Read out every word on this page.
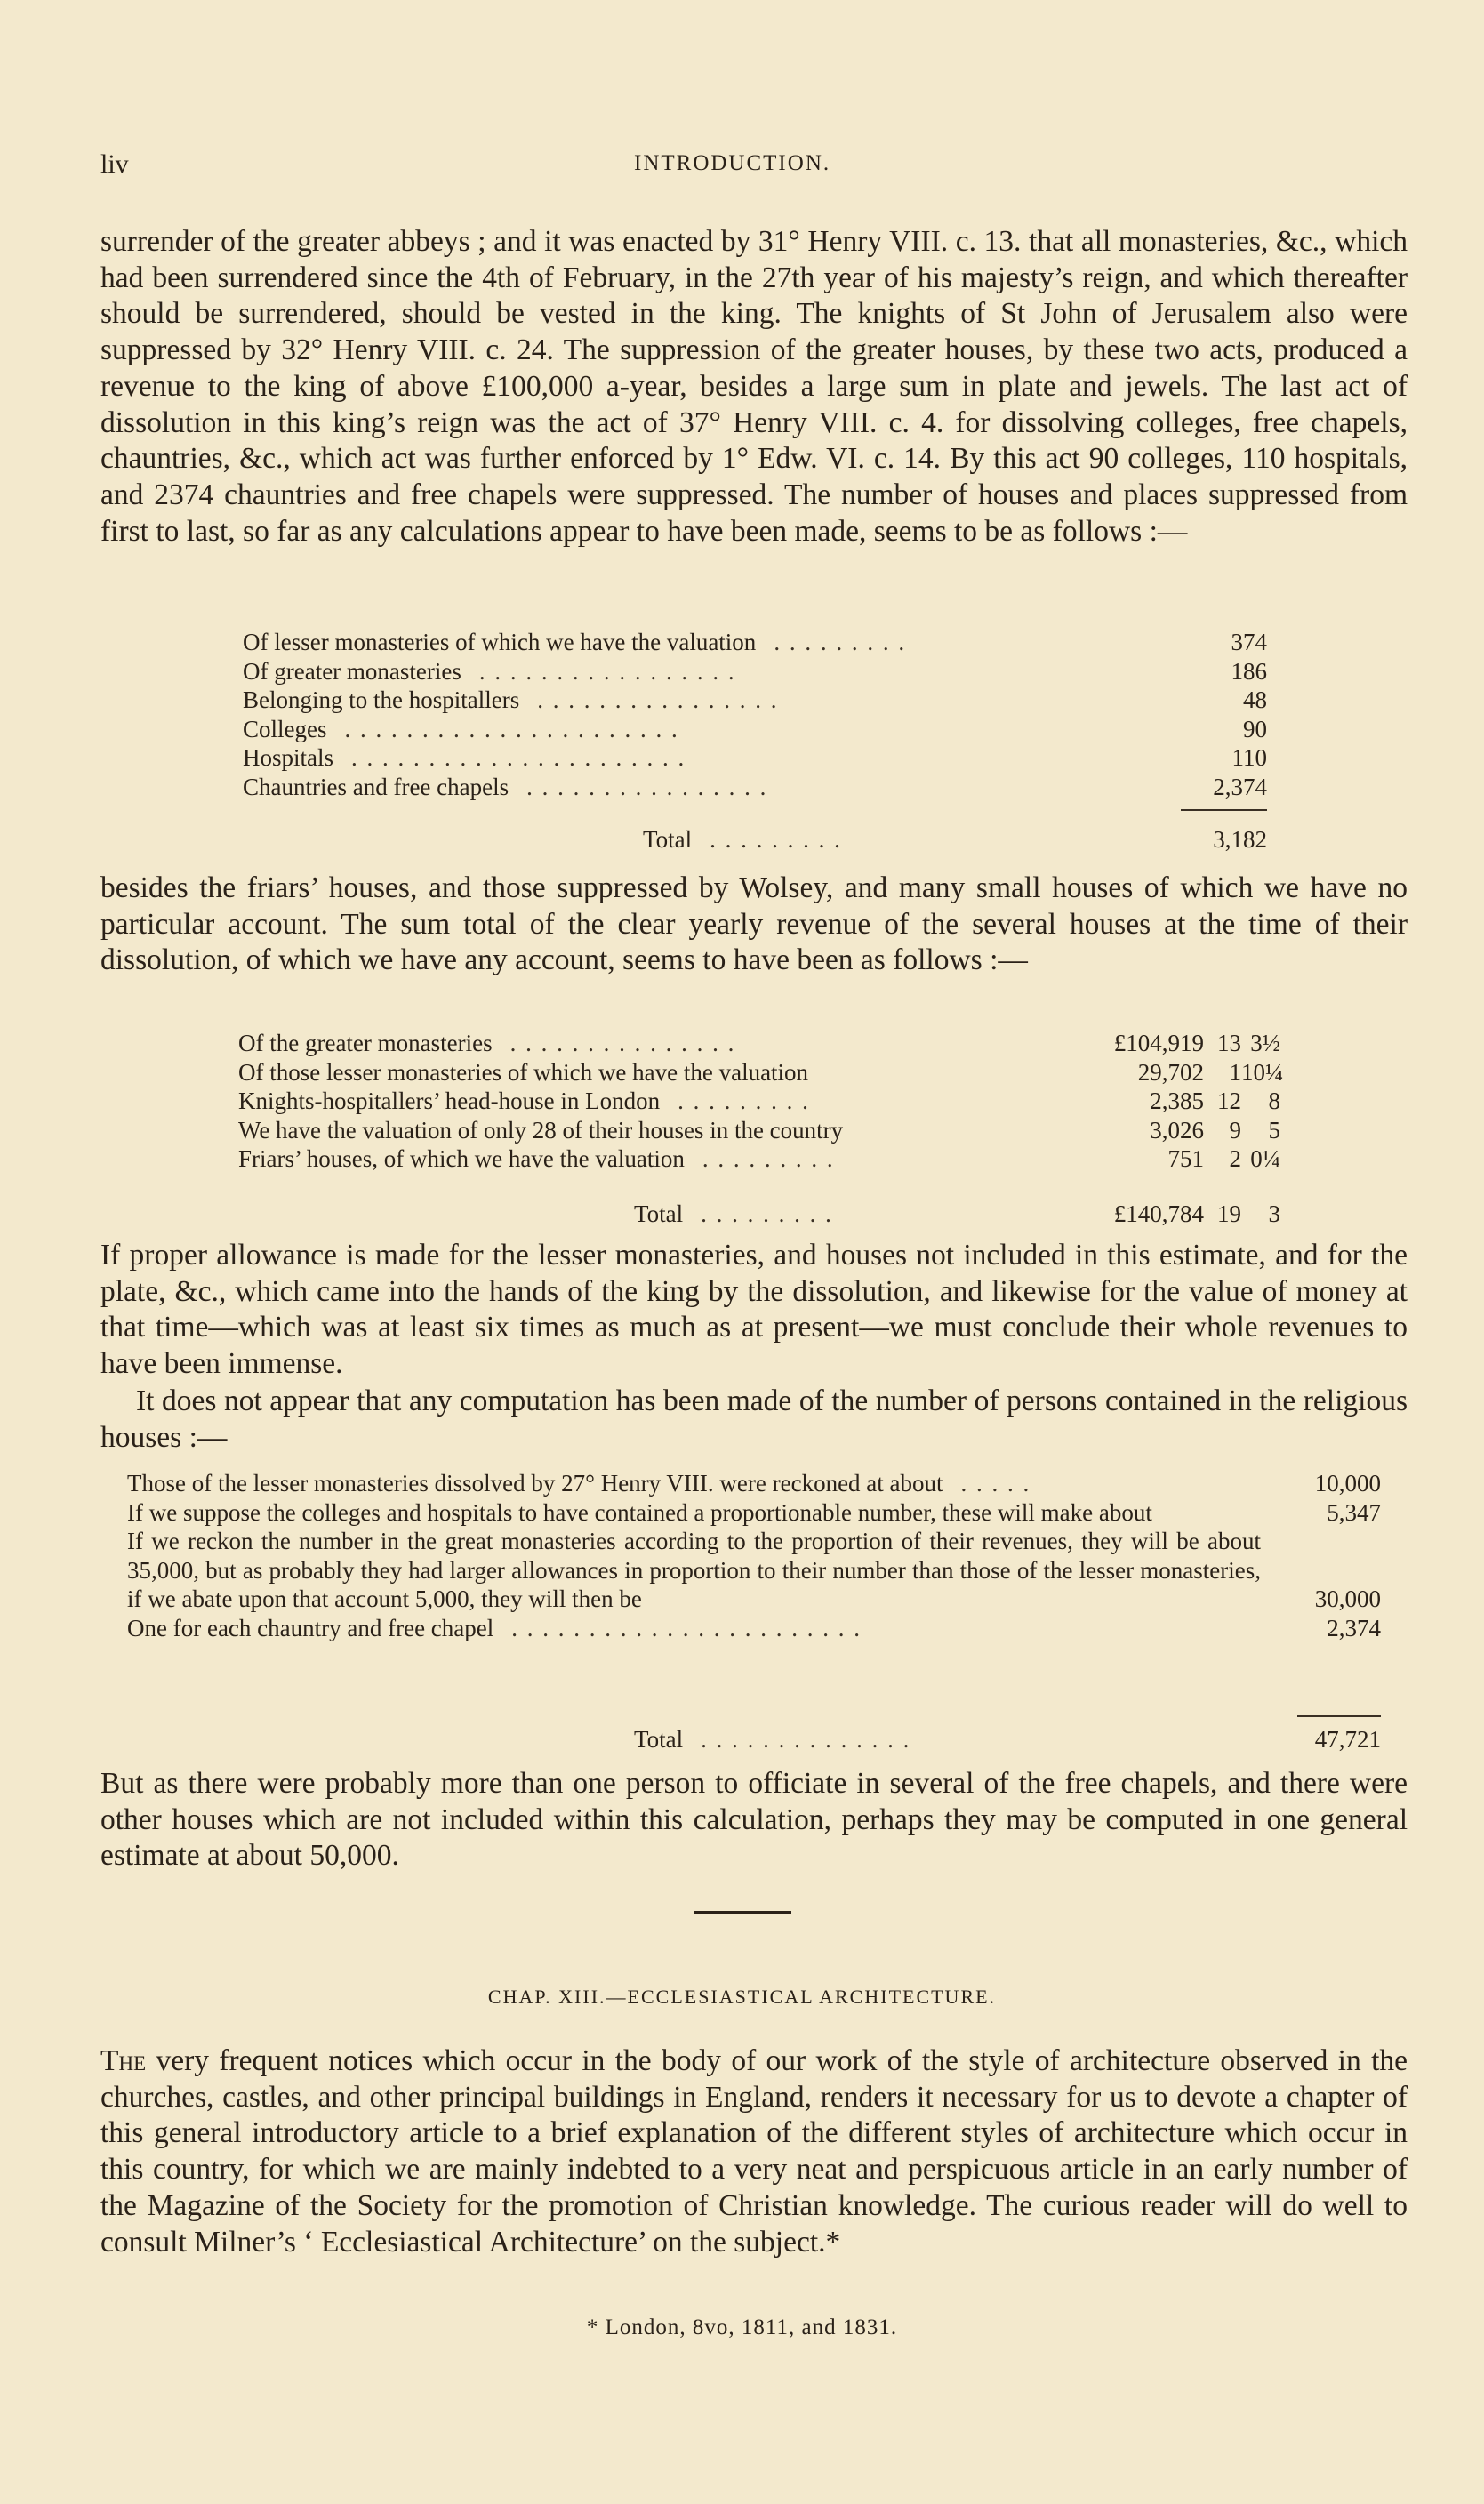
liv	INTRODUCTION.

surrender of the greater abbeys ; and it was enacted by 31° Henry VIII. c. 13. that all monasteries, &c., which had been surrendered since the 4th of February, in the 27th year of his majesty’s reign, and which thereafter should be surrendered, should be vested in the king. The knights of St John of Jerusalem also were suppressed by 32° Henry VIII. c. 24. The suppression of the greater houses, by these two acts, produced a revenue to the king of above £100,000 a-year, besides a large sum in plate and jewels. The last act of dissolution in this king’s reign was the act of 37° Henry VIII. c. 4. for dissolving colleges, free chapels, chauntries, &c., which act was further enforced by 1° Edw. VI. c. 14. By this act 90 colleges, 110 hospitals, and 2374 chauntries and free chapels were suppressed. The number of houses and places suppressed from first to last, so far as any calculations appear to have been made, seems to be as follows :—

Of lesser monasteries of which we have the valuation . . . . . . . . .	374
Of greater monasteries . . . . . . . . . . . . . . . . .	186
Belonging to the hospitallers . . . . . . . . . . . . . . . .	48
Colleges . . . . . . . . . . . . . . . . . . . . . .	90
Hospitals . . . . . . . . . . . . . . . . . . . . . .	110
Chauntries and free chapels . . . . . . . . . . . . . . . .	2,374
Total . . . . . . . . .	3,182

besides the friars’ houses, and those suppressed by Wolsey, and many small houses of which we have no particular account. The sum total of the clear yearly revenue of the several houses at the time of their dissolution, of which we have any account, seems to have been as follows :—

Of the greater monasteries . . . . . . . . . . . . . . .	£104,919 13 3½
Of those lesser monasteries of which we have the valuation	29,702 110¼
Knights-hospitallers’ head-house in London . . . . . . . . .	2,385 12 8
We have the valuation of only 28 of their houses in the country	3,026 9 5
Friars’ houses, of which we have the valuation . . . . . . . . .	751 2 0¼
Total . . . . . . . . .	£140,784 19 3

If proper allowance is made for the lesser monasteries, and houses not included in this estimate, and for the plate, &c., which came into the hands of the king by the dissolution, and likewise for the value of money at that time—which was at least six times as much as at present—we must conclude their whole revenues to have been immense.

It does not appear that any computation has been made of the number of persons contained in the religious houses :—

Those of the lesser monasteries dissolved by 27° Henry VIII. were reckoned at about . . . . .	10,000
If we suppose the colleges and hospitals to have contained a proportionable number, these will make about	5,347
If we reckon the number in the great monasteries according to the proportion of their revenues, they will be about 35,000, but as probably they had larger allowances in proportion to their number than those of the lesser monasteries, if we abate upon that account 5,000, they will then be	30,000
One for each chauntry and free chapel . . . . . . . . . . . . . . . . . . . . . . .	2,374
Total . . . . . . . . . . . . . .	47,721

But as there were probably more than one person to officiate in several of the free chapels, and there were other houses which are not included within this calculation, perhaps they may be computed in one general estimate at about 50,000.

CHAP. XIII.—ECCLESIASTICAL ARCHITECTURE.

The very frequent notices which occur in the body of our work of the style of architecture observed in the churches, castles, and other principal buildings in England, renders it necessary for us to devote a chapter of this general introductory article to a brief explanation of the different styles of architecture which occur in this country, for which we are mainly indebted to a very neat and perspicuous article in an early number of the Magazine of the Society for the promotion of Christian knowledge. The curious reader will do well to consult Milner’s ‘ Ecclesiastical Architecture’ on the subject.*

* London, 8vo, 1811, and 1831.
